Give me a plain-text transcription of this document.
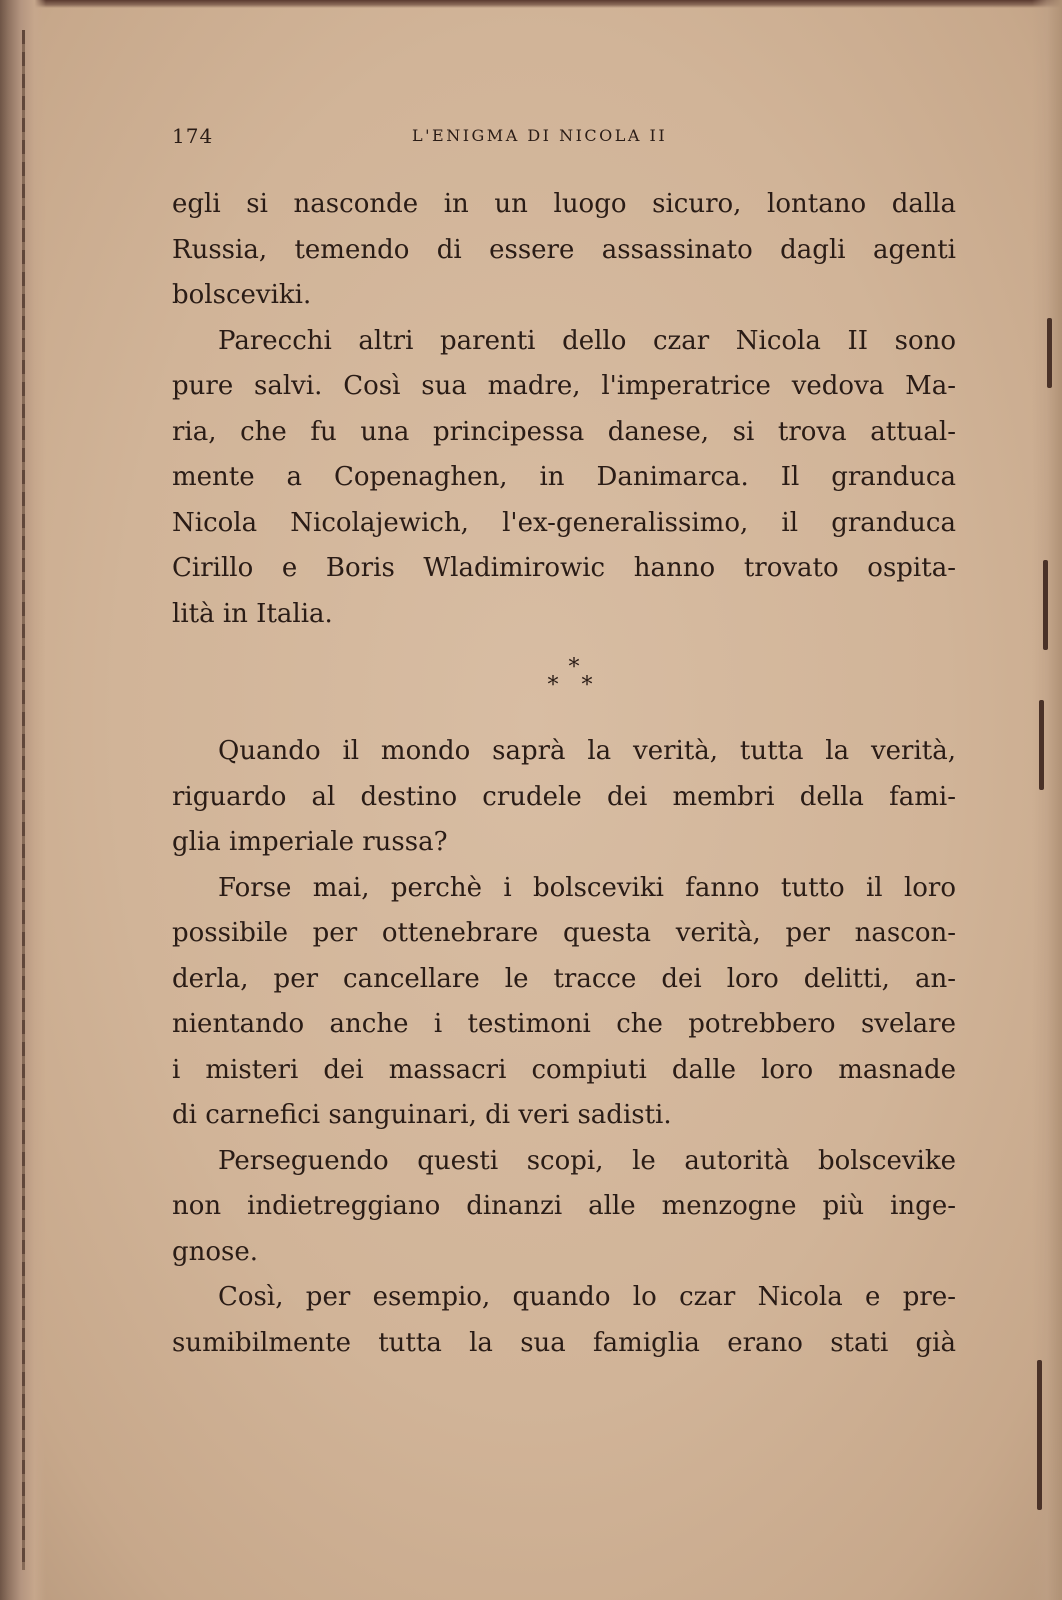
174	L'ENIGMA DI NICOLA II
egli si nasconde in un luogo sicuro, lontano dalla
Russia, temendo di essere assassinato dagli agenti
bolsceviki.
Parecchi altri parenti dello czar Nicola II sono
pure salvi. Così sua madre, l'imperatrice vedova Ma-
ria, che fu una principessa danese, si trova attual-
mente a Copenaghen, in Danimarca. Il granduca
Nicola Nicolajewich, l'ex-generalissimo, il granduca
Cirillo e Boris Wladimirowic hanno trovato ospita-
lità in Italia.
*
* *
Quando il mondo saprà la verità, tutta la verità,
riguardo al destino crudele dei membri della fami-
glia imperiale russa?
Forse mai, perchè i bolsceviki fanno tutto il loro
possibile per ottenebrare questa verità, per nascon-
derla, per cancellare le tracce dei loro delitti, an-
nientando anche i testimoni che potrebbero svelare
i misteri dei massacri compiuti dalle loro masnade
di carnefici sanguinari, di veri sadisti.
Perseguendo questi scopi, le autorità bolscevike
non indietreggiano dinanzi alle menzogne più inge-
gnose.
Così, per esempio, quando lo czar Nicola e pre-
sumibilmente tutta la sua famiglia erano stati già
